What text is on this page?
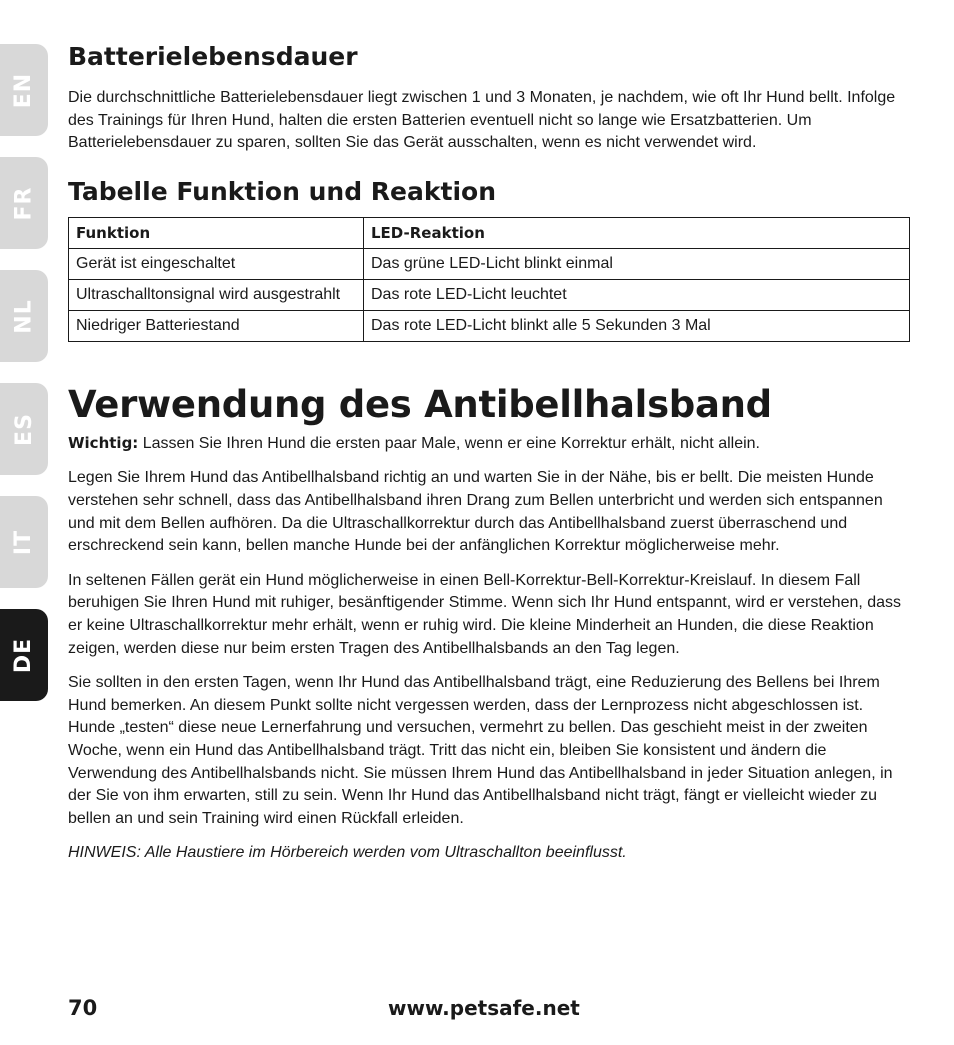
EN
FR
NL
ES
IT
DE
Batterielebensdauer

Die durchschnittliche Batterielebensdauer liegt zwischen 1 und 3 Monaten, je nachdem, wie oft Ihr Hund bellt. Infolge des Trainings für Ihren Hund, halten die ersten Batterien eventuell nicht so lange wie Ersatzbatterien. Um Batterielebensdauer zu sparen, sollten Sie das Gerät ausschalten, wenn es nicht verwendet wird.

Tabelle Funktion und Reaktion
Funktion	LED-Reaktion
Gerät ist eingeschaltet	Das grüne LED-Licht blinkt einmal
Ultraschalltonsignal wird ausgestrahlt	Das rote LED-Licht leuchtet
Niedriger Batteriestand	Das rote LED-Licht blinkt alle 5 Sekunden 3 Mal
Verwendung des Antibellhalsband

Wichtig: Lassen Sie Ihren Hund die ersten paar Male, wenn er eine Korrektur erhält, nicht allein.

Legen Sie Ihrem Hund das Antibellhalsband richtig an und warten Sie in der Nähe, bis er bellt. Die meisten Hunde verstehen sehr schnell, dass das Antibellhalsband ihren Drang zum Bellen unterbricht und werden sich entspannen und mit dem Bellen aufhören. Da die Ultraschallkorrektur durch das Antibellhalsband zuerst überraschend und erschreckend sein kann, bellen manche Hunde bei der anfänglichen Korrektur möglicherweise mehr.

In seltenen Fällen gerät ein Hund möglicherweise in einen Bell-Korrektur-Bell-Korrektur-Kreislauf. In diesem Fall beruhigen Sie Ihren Hund mit ruhiger, besänftigender Stimme. Wenn sich Ihr Hund entspannt, wird er verstehen, dass er keine Ultraschallkorrektur mehr erhält, wenn er ruhig wird. Die kleine Minderheit an Hunden, die diese Reaktion zeigen, werden diese nur beim ersten Tragen des Antibellhalsbands an den Tag legen.

Sie sollten in den ersten Tagen, wenn Ihr Hund das Antibellhalsband trägt, eine Reduzierung des Bellens bei Ihrem Hund bemerken. An diesem Punkt sollte nicht vergessen werden, dass der Lernprozess nicht abgeschlossen ist. Hunde „testen“ diese neue Lernerfahrung und versuchen, vermehrt zu bellen. Das geschieht meist in der zweiten Woche, wenn ein Hund das Antibellhalsband trägt. Tritt das nicht ein, bleiben Sie konsistent und ändern die Verwendung des Antibellhalsbands nicht. Sie müssen Ihrem Hund das Antibellhalsband in jeder Situation anlegen, in der Sie von ihm erwarten, still zu sein. Wenn Ihr Hund das Antibellhalsband nicht trägt, fängt er vielleicht wieder zu bellen an und sein Training wird einen Rückfall erleiden.

HINWEIS: Alle Haustiere im Hörbereich werden vom Ultraschallton beeinflusst.

70	www.petsafe.net
